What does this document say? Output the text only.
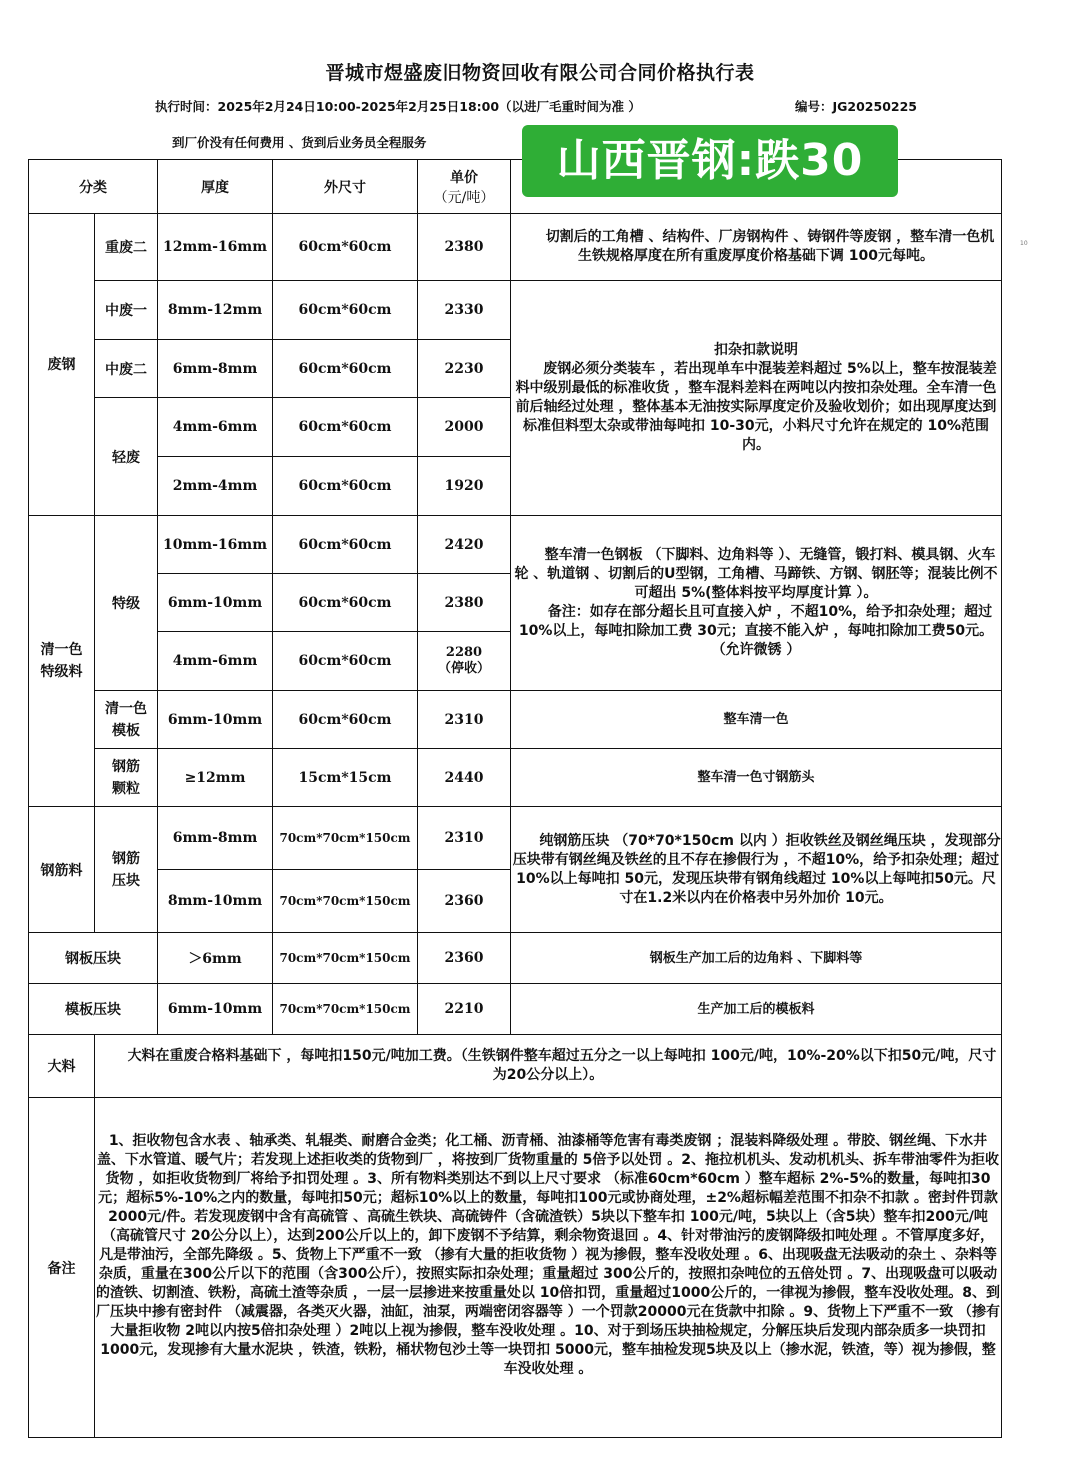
晋城市煜盛废旧物资回收有限公司合同价格执行表
执行时间：2025年2月24日10:00-2025年2月25日18:00（以进厂毛重时间为准 ）	编号：JG20250225
到厂价没有任何费用 、货到后业务员全程服务	山西晋钢:跌30
10
分类		厚度	外尺寸	单价
（元/吨）	

废钢	重废二	12mm-16mm	60cm*60cm	2380	切割后的工角槽 、结构件、厂房钢构件 、铸钢件等废钢 ，整车清一色机生铁规格厚度在所有重废厚度价格基础下调 100元每吨。

	中废一	8mm-12mm	60cm*60cm	2330	扣杂扣款说明

废钢必须分类装车 ，若出现单车中混装差料超过 5%以上，整车按混装差料中级别最低的标准收货 ，整车混料差料在两吨以内按扣杂处理。全车清一色前后轴经过处理 ，整体基本无油按实际厚度定价及验收划价；如出现厚度达到标准但料型太杂或带油每吨扣 10-30元，小料尺寸允许在规定的 10%范围内。

	中废二	6mm-8mm	60cm*60cm	2230	
	轻废	4mm-6mm	60cm*60cm	2000	
		2mm-4mm	60cm*60cm	1920	

清一色特级料	特级	10mm-16mm	60cm*60cm	2420	整车清一色钢板 （下脚料、边角料等 ）、无缝管，锻打料、模具钢、火车轮 、轨道钢 、切割后的U型钢，工角槽、马蹄铁、方钢、钢胚等；混装比例不可超出 5%(整体料按平均厚度计算 ）。

备注：如存在部分超长且可直接入炉 ，不超10%，给予扣杂处理；超过10%以上，每吨扣除加工费 30元；直接不能入炉 ，每吨扣除加工费50元。（允许微锈 ）

		6mm-10mm	60cm*60cm	2380	
		4mm-6mm	60cm*60cm	2280
（停收）	

	清一色模板	6mm-10mm	60cm*60cm	2310	整车清一色

	钢筋颗粒	≥12mm	15cm*15cm	2440	整车清一色寸钢筋头
钢筋料	钢筋压块	6mm-8mm	70cm*70cm*150cm	2310	纯钢筋压块 （70*70*150cm 以内 ）拒收铁丝及钢丝绳压块 ，发现部分压块带有钢丝绳及铁丝的且不存在掺假行为 ，不超10%，给予扣杂处理；超过10%以上每吨扣 50元，发现压块带有钢角线超过 10%以上每吨扣50元。尺寸在1.2米以内在价格表中另外加价 10元。

		8mm-10mm	70cm*70cm*150cm	2360	
钢板压块		＞6mm	70cm*70cm*150cm	2360	钢板生产加工后的边角料 、下脚料等
模板压块		6mm-10mm	70cm*70cm*150cm	2210	生产加工后的模板料
大料	大料在重废合格料基础下 ，每吨扣150元/吨加工费。（生铁钢件整车超过五分之一以上每吨扣 100元/吨，10%-20%以下扣50元/吨，尺寸为20公分以上）。				

备注	1、拒收物包含水表 、轴承类、轧辊类、耐磨合金类；化工桶、沥青桶、油漆桶等危害有毒类废钢 ；混装料降级处理 。带胶、钢丝绳、下水井盖、下水管道、暖气片；若发现上述拒收类的货物到厂 ，将按到厂货物重量的 5倍予以处罚 。2、拖拉机机头、发动机机头、拆车带油零件为拒收货物 ，如拒收货物到厂将给予扣罚处理 。3、所有物料类别达不到以上尺寸要求 （标准60cm*60cm ）整车超标 2%-5%的数量，每吨扣30元；超标5%-10%之内的数量，每吨扣50元；超标10%以上的数量，每吨扣100元或协商处理，±2%超标幅差范围不扣杂不扣款 。密封件罚款 2000元/件。若发现废钢中含有高硫管 、高硫生铁块、高硫铸件（含硫渣铁）5块以下整车扣 100元/吨，5块以上（含5块）整车扣200元/吨（高硫管尺寸 20公分以上），达到200公斤以上的，卸下废钢不予结算，剩余物资退回 。4、针对带油污的废钢降级扣吨处理 。不管厚度多好，凡是带油污，全部先降级 。5、货物上下严重不一致 （掺有大量的拒收货物 ）视为掺假，整车没收处理 。6、出现吸盘无法吸动的杂土 、杂料等杂质，重量在300公斤以下的范围（含300公斤），按照实际扣杂处理；重量超过 300公斤的，按照扣杂吨位的五倍处罚 。7、出现吸盘可以吸动的渣铁、切割渣、铁粉，高硫土渣等杂质 ，一层一层掺进来按重量处以 10倍扣罚，重量超过1000公斤的，一律视为掺假，整车没收处理。8、到厂压块中掺有密封件 （减震器，各类灭火器，油缸，油泵，两端密闭容器等 ）一个罚款20000元在货款中扣除 。9、货物上下严重不一致 （掺有大量拒收物 2吨以内按5倍扣杂处理 ）2吨以上视为掺假，整车没收处理 。10、对于到场压块抽检规定，分解压块后发现内部杂质多一块罚扣 1000元，发现掺有大量水泥块 ，铁渣，铁粉，桶状物包沙土等一块罚扣 5000元，整车抽检发现5块及以上（掺水泥，铁渣，等）视为掺假，整车没收处理 。				
